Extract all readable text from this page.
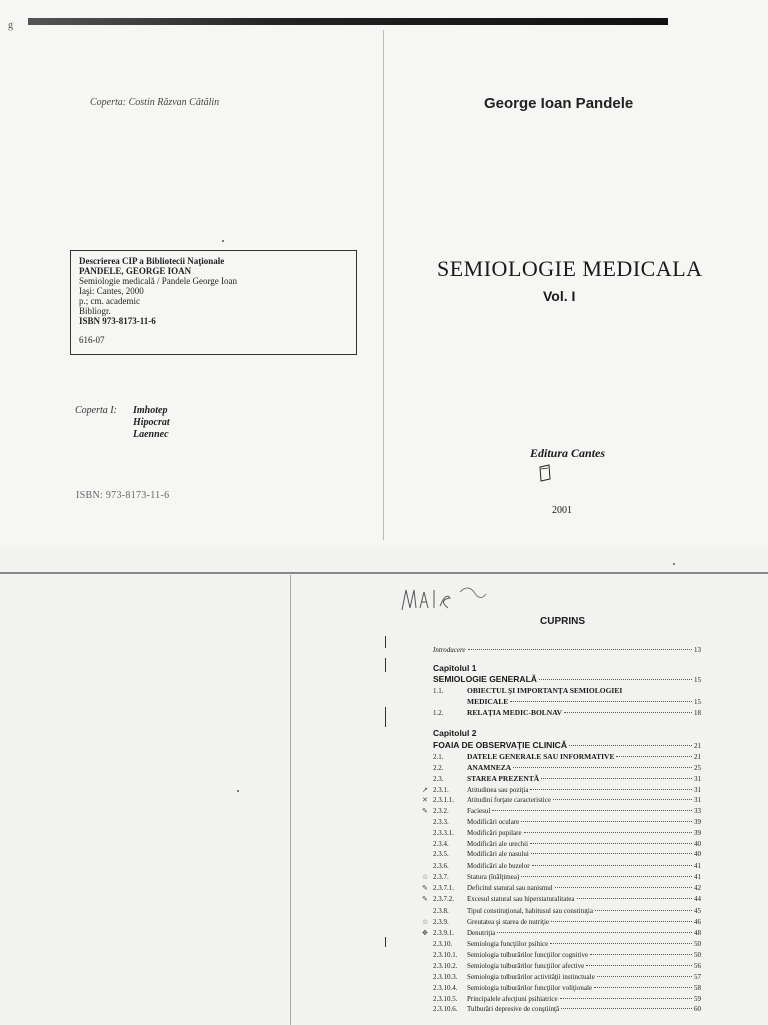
g
Coperta: Costin Răzvan Cătălin	George Ioan Pandele
Descrierea CIP a Bibliotecii Naţionale
PANDELE, GEORGE IOAN
Semiologie medicală / Pandele George Ioan
Iaşi: Cantes, 2000
p.; cm. academic
Bibliogr.
ISBN 973-8173-11-6
616-07
SEMIOLOGIE MEDICALA
Vol. I
Coperta I: Imhotep
Hipocrat
Laennec
ISBN: 973-8173-11-6
Editura Cantes
2001
CUPRINS
Introducere	13
Capitolul 1
SEMIOLOGIE GENERALĂ	15
1.1.	OBIECTUL ŞI IMPORTANŢA SEMIOLOGIEI
MEDICALE	15
1.2.	RELAŢIA MEDIC-BOLNAV	18
Capitolul 2
FOAIA DE OBSERVAŢIE CLINICĂ	21
2.1.	DATELE GENERALE SAU INFORMATIVE	21
2.2.	ANAMNEZA	25
2.3.	STAREA PREZENTĂ	31
↗ 2.3.1.	Atitudinea sau poziţia	31
✕ 2.3.1.1.	Atitudini forţate caracteristice	31
✎ 2.3.2.	Faciesul	33
2.3.3.	Modificări oculare	39
2.3.3.1.	Modificări pupilare	39
2.3.4.	Modificări ale urechii	40
2.3.5.	Modificări ale nasului	40
2.3.6.	Modificări ale buzelor	41
☆ 2.3.7.	Statura (înălţimea)	41
✎ 2.3.7.1.	Deficitul statural sau nanismul	42
✎ 2.3.7.2.	Excesul statural sau hiperstaturalitatea	44
2.3.8.	Tipul constituţional, habitusul sau constituţia	45
☆ 2.3.9.	Greutatea şi starea de nutriţie	46
✥ 2.3.9.1.	Denutriţia	48
2.3.10.	Semiologia funcţiilor psihice	50
2.3.10.1.	Semiologia tulburărilor funcţiilor cognitive	50
2.3.10.2.	Semiologia tulburărilor funcţiilor afective	56
2.3.10.3.	Semiologia tulburărilor activităţii instinctuale	57
2.3.10.4.	Semiologia tulburărilor funcţiilor voliţionale	58
2.3.10.5.	Principalele afecţiuni psihiatrice	59
2.3.10.6.	Tulburări depresive de conştiinţă	60
